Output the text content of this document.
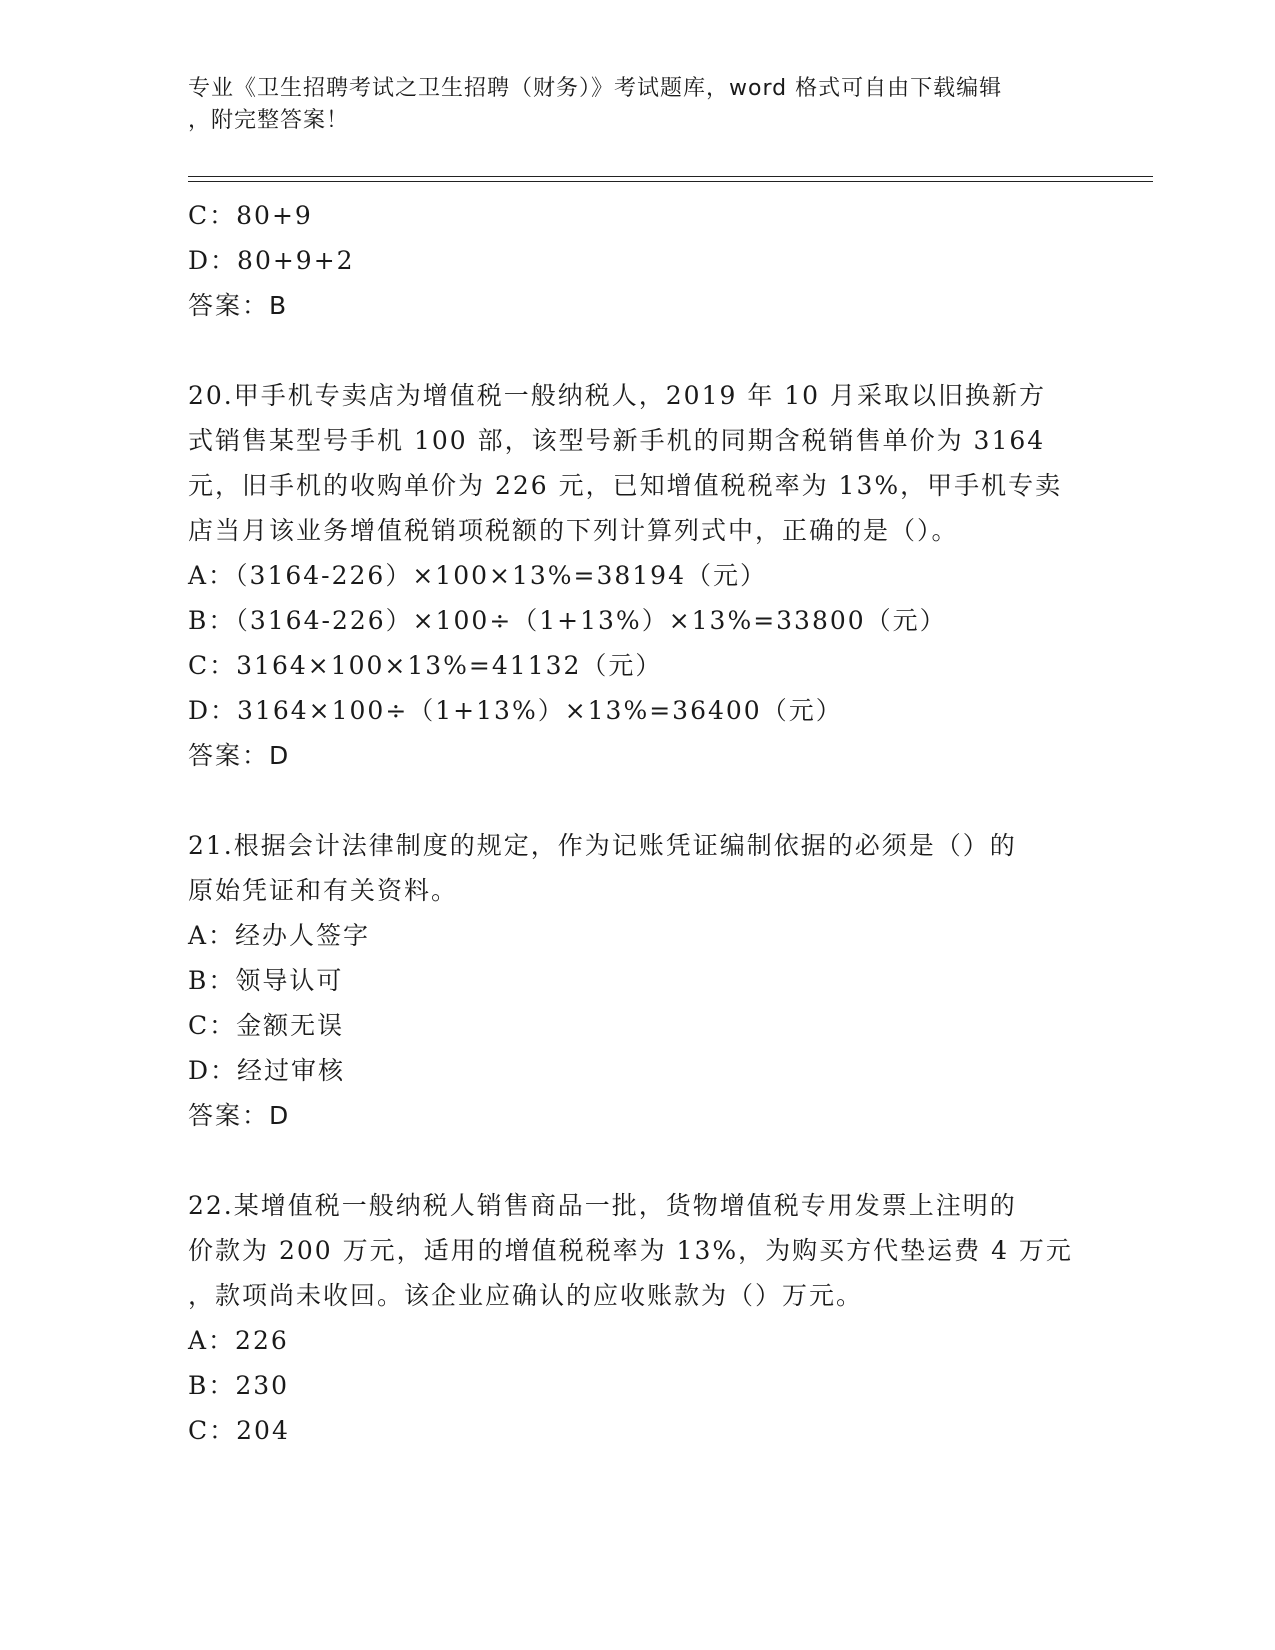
专业《卫生招聘考试之卫生招聘（财务）》考试题库，word 格式可自由下载编辑
，附完整答案！
C：80+9
D：80+9+2
答案：B
20.甲手机专卖店为增值税一般纳税人，2019 年 10 月采取以旧换新方
式销售某型号手机 100 部，该型号新手机的同期含税销售单价为 3164
元，旧手机的收购单价为 226 元，已知增值税税率为 13%，甲手机专卖
店当月该业务增值税销项税额的下列计算列式中，正确的是（）。
A：（3164-226）×100×13%=38194（元）
B：（3164-226）×100÷（1+13%）×13%=33800（元）
C：3164×100×13%=41132（元）
D：3164×100÷（1+13%）×13%=36400（元）
答案：D
21.根据会计法律制度的规定，作为记账凭证编制依据的必须是（）的
原始凭证和有关资料。
A：经办人签字
B：领导认可
C：金额无误
D：经过审核
答案：D
22.某增值税一般纳税人销售商品一批，货物增值税专用发票上注明的
价款为 200 万元，适用的增值税税率为 13%，为购买方代垫运费 4 万元
，款项尚未收回。该企业应确认的应收账款为（）万元。
A：226
B：230
C：204
